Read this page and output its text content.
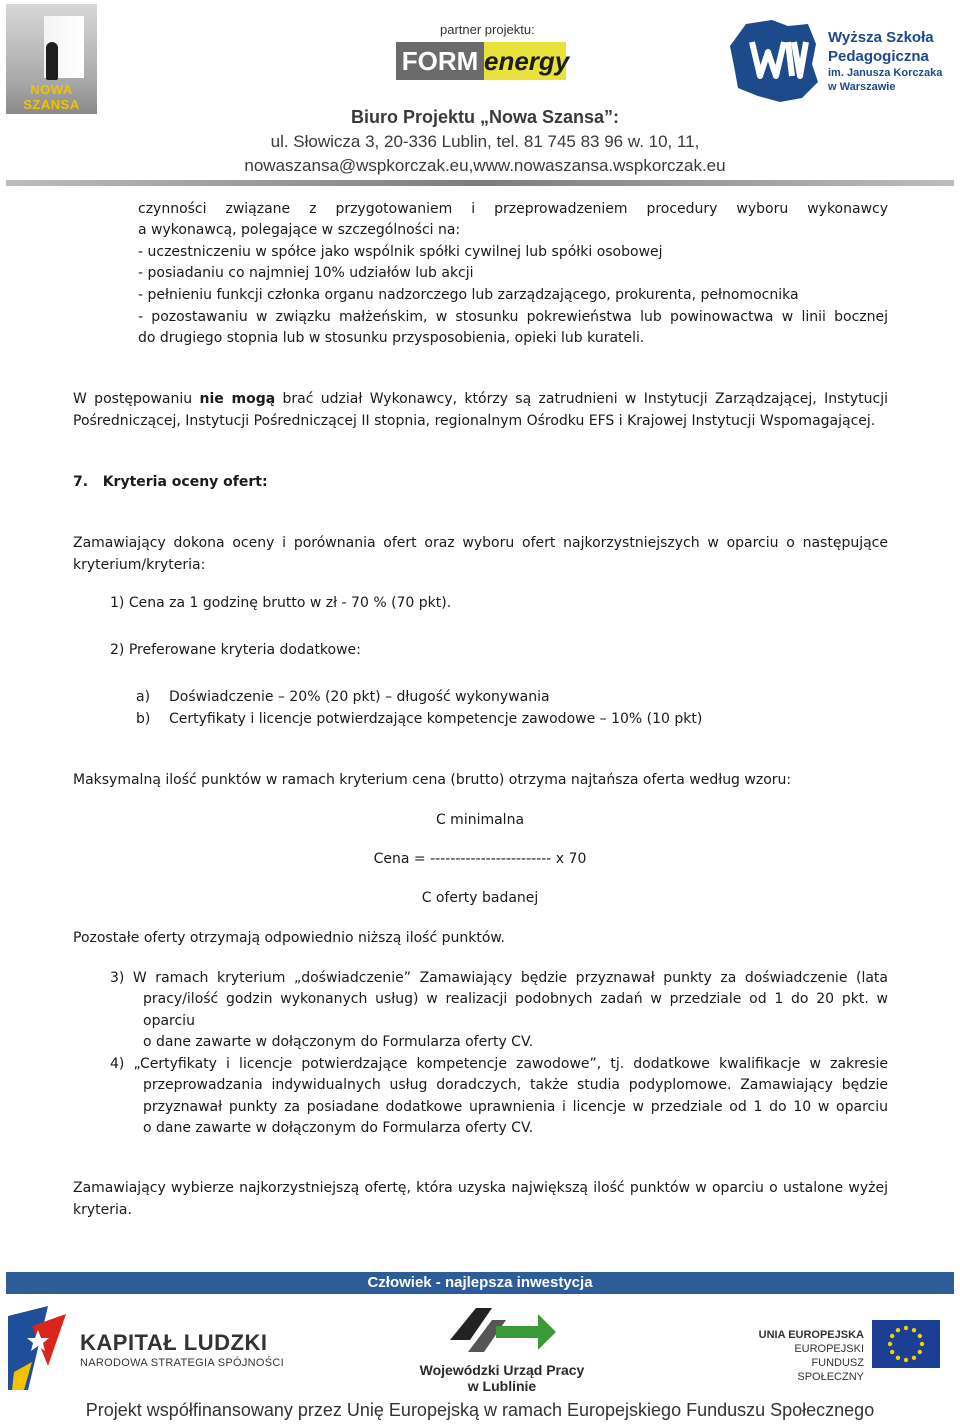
NOWA
SZANSA
partner projektu:
FORM energy
Wyższa Szkoła
Pedagogiczna
im. Janusza Korczaka
w Warszawie
Biuro Projektu „Nowa Szansa”:
ul. Słowicza 3, 20-336 Lublin, tel. 81 745 83 96 w. 10, 11,
nowaszansa@wspkorczak.eu,www.nowaszansa.wspkorczak.eu
czynności związane z przygotowaniem i przeprowadzeniem procedury wyboru wykonawcy
a wykonawcą, polegające w szczególności na:
- uczestniczeniu w spółce jako wspólnik spółki cywilnej lub spółki osobowej
- posiadaniu co najmniej 10% udziałów lub akcji
- pełnieniu funkcji członka organu nadzorczego lub zarządzającego, prokurenta, pełnomocnika
- pozostawaniu w związku małżeńskim, w stosunku pokrewieństwa lub powinowactwa w linii bocznej
do drugiego stopnia lub w stosunku przysposobienia, opieki lub kurateli.
W postępowaniu nie mogą brać udział Wykonawcy, którzy są zatrudnieni w Instytucji Zarządzającej, Instytucji Pośredniczącej, Instytucji Pośredniczącej II stopnia, regionalnym Ośrodku EFS i Krajowej Instytucji Wspomagającej.
7. Kryteria oceny ofert:
Zamawiający dokona oceny i porównania ofert oraz wyboru ofert najkorzystniejszych w oparciu o następujące kryterium/kryteria:
1) Cena za 1 godzinę brutto w zł - 70 % (70 pkt).
2) Preferowane kryteria dodatkowe:
a) Doświadczenie – 20% (20 pkt) – długość wykonywania
b) Certyfikaty i licencje potwierdzające kompetencje zawodowe – 10% (10 pkt)
Maksymalną ilość punktów w ramach kryterium cena (brutto) otrzyma najtańsza oferta według wzoru:
C minimalna
Cena = ------------------------ x 70
C oferty badanej
Pozostałe oferty otrzymają odpowiednio niższą ilość punktów.
3) W ramach kryterium „doświadczenie” Zamawiający będzie przyznawał punkty za doświadczenie (lata
pracy/ilość godzin wykonanych usług) w realizacji podobnych zadań w przedziale od 1 do 20 pkt. w
oparciu
o dane zawarte w dołączonym do Formularza oferty CV.
4) „Certyfikaty i licencje potwierdzające kompetencje zawodowe”, tj. dodatkowe kwalifikacje w zakresie
przeprowadzania indywidualnych usług doradczych, także studia podyplomowe. Zamawiający będzie
przyznawał punkty za posiadane dodatkowe uprawnienia i licencje w przedziale od 1 do 10 w oparciu
o dane zawarte w dołączonym do Formularza oferty CV.
Zamawiający wybierze najkorzystniejszą ofertę, która uzyska największą ilość punktów w oparciu o ustalone wyżej kryteria.
Człowiek - najlepsza inwestycja
KAPITAŁ LUDZKI
NARODOWA STRATEGIA SPÓJNOŚCI	Wojewódzki Urząd Pracy
w Lublinie
UNIA EUROPEJSKA
EUROPEJSKI
FUNDUSZ SPOŁECZNY
Projekt współfinansowany przez Unię Europejską w ramach Europejskiego Funduszu Społecznego
